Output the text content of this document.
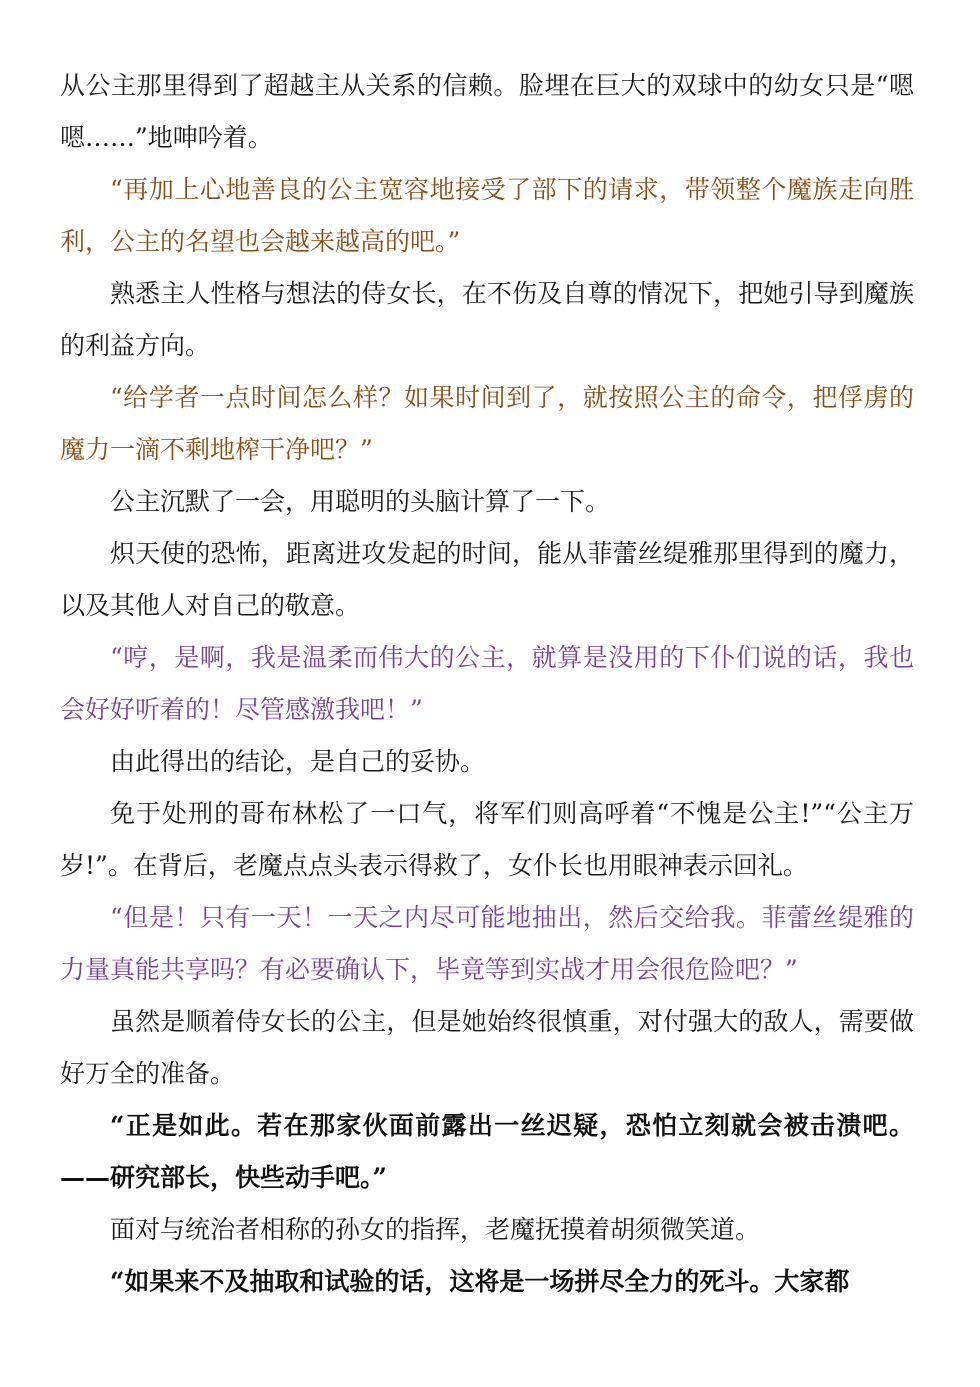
从公主那里得到了超越主从关系的信赖。脸埋在巨大的双球中的幼女只是“嗯嗯……”地呻吟着。

“再加上心地善良的公主宽容地接受了部下的请求，带领整个魔族走向胜利，公主的名望也会越来越高的吧。”

熟悉主人性格与想法的侍女长，在不伤及自尊的情况下，把她引导到魔族的利益方向。

“给学者一点时间怎么样？如果时间到了，就按照公主的命令，把俘虏的魔力一滴不剩地榨干净吧？”

公主沉默了一会，用聪明的头脑计算了一下。

炽天使的恐怖，距离进攻发起的时间，能从菲蕾丝缇雅那里得到的魔力，以及其他人对自己的敬意。

“哼，是啊，我是温柔而伟大的公主，就算是没用的下仆们说的话，我也会好好听着的！尽管感激我吧！”

由此得出的结论，是自己的妥协。

免于处刑的哥布林松了一口气，将军们则高呼着“不愧是公主!”“公主万岁!”。在背后，老魔点点头表示得救了，女仆长也用眼神表示回礼。

“但是！只有一天！一天之内尽可能地抽出，然后交给我。菲蕾丝缇雅的力量真能共享吗？有必要确认下，毕竟等到实战才用会很危险吧？”

虽然是顺着侍女长的公主，但是她始终很慎重，对付强大的敌人，需要做好万全的准备。

“正是如此。若在那家伙面前露出一丝迟疑，恐怕立刻就会被击溃吧。——研究部长，快些动手吧。”

面对与统治者相称的孙女的指挥，老魔抚摸着胡须微笑道。

“如果来不及抽取和试验的话，这将是一场拼尽全力的死斗。大家都
